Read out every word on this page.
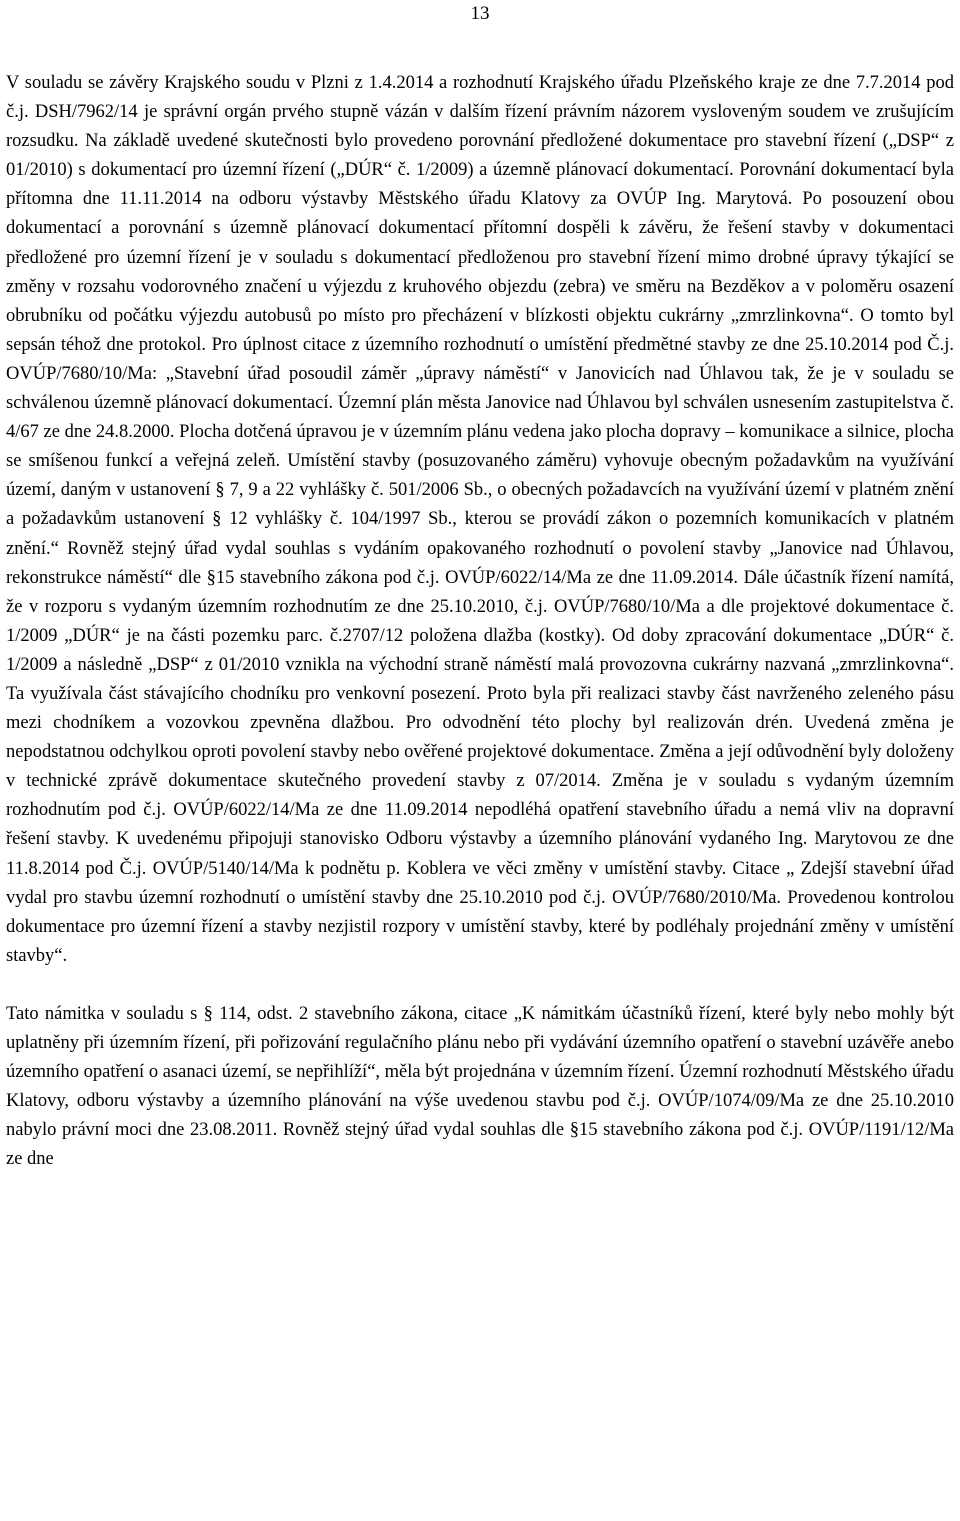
13

V souladu se závěry Krajského soudu v Plzni z 1.4.2014 a rozhodnutí Krajského úřadu Plzeňského kraje ze dne 7.7.2014 pod č.j. DSH/7962/14 je správní orgán prvého stupně vázán v dalším řízení právním názorem vysloveným soudem ve zrušujícím rozsudku. Na základě uvedené skutečnosti bylo provedeno porovnání předložené dokumentace pro stavební řízení („DSP“ z 01/2010) s dokumentací pro územní řízení („DÚR“ č. 1/2009) a územně plánovací dokumentací. Porovnání dokumentací byla přítomna dne 11.11.2014 na odboru výstavby Městského úřadu Klatovy za OVÚP Ing. Marytová. Po posouzení obou dokumentací a porovnání s územně plánovací dokumentací přítomní dospěli k závěru, že řešení stavby v dokumentaci předložené pro územní řízení je v souladu s dokumentací předloženou pro stavební řízení mimo drobné úpravy týkající se změny v rozsahu vodorovného značení u výjezdu z kruhového objezdu (zebra) ve směru na Bezděkov a v poloměru osazení obrubníku od počátku výjezdu autobusů po místo pro přecházení v blízkosti objektu cukrárny „zmrzlinkovna“. O tomto byl sepsán téhož dne protokol. Pro úplnost citace z územního rozhodnutí o umístění předmětné stavby ze dne 25.10.2014 pod Č.j. OVÚP/7680/10/Ma: „Stavební úřad posoudil záměr „úpravy náměstí“ v Janovicích nad Úhlavou tak, že je v souladu se schválenou územně plánovací dokumentací. Územní plán města Janovice nad Úhlavou byl schválen usnesením zastupitelstva č. 4/67 ze dne 24.8.2000. Plocha dotčená úpravou je v územním plánu vedena jako plocha dopravy – komunikace a silnice, plocha se smíšenou funkcí a veřejná zeleň. Umístění stavby (posuzovaného záměru) vyhovuje obecným požadavkům na využívání území, daným v ustanovení § 7, 9 a 22 vyhlášky č. 501/2006 Sb., o obecných požadavcích na využívání území v platném znění a požadavkům ustanovení § 12 vyhlášky č. 104/1997 Sb., kterou se provádí zákon o pozemních komunikacích v platném znění.“ Rovněž stejný úřad vydal souhlas s vydáním opakovaného rozhodnutí o povolení stavby „Janovice nad Úhlavou, rekonstrukce náměstí“ dle §15 stavebního zákona pod č.j. OVÚP/6022/14/Ma ze dne 11.09.2014. Dále účastník řízení namítá, že v rozporu s vydaným územním rozhodnutím ze dne 25.10.2010, č.j. OVÚP/7680/10/Ma a dle projektové dokumentace č. 1/2009 „DÚR“ je na části pozemku parc. č.2707/12 položena dlažba (kostky). Od doby zpracování dokumentace „DÚR“ č. 1/2009 a následně „DSP“ z 01/2010 vznikla na východní straně náměstí malá provozovna cukrárny nazvaná „zmrzlinkovna“. Ta využívala část stávajícího chodníku pro venkovní posezení. Proto byla při realizaci stavby část navrženého zeleného pásu mezi chodníkem a vozovkou zpevněna dlažbou. Pro odvodnění této plochy byl realizován drén. Uvedená změna je nepodstatnou odchylkou oproti povolení stavby nebo ověřené projektové dokumentace. Změna a její odůvodnění byly doloženy v technické zprávě dokumentace skutečného provedení stavby z 07/2014. Změna je v souladu s vydaným územním rozhodnutím pod č.j. OVÚP/6022/14/Ma ze dne 11.09.2014 nepodléhá opatření stavebního úřadu a nemá vliv na dopravní řešení stavby. K uvedenému připojuji stanovisko Odboru výstavby a územního plánování vydaného Ing. Marytovou ze dne 11.8.2014 pod Č.j. OVÚP/5140/14/Ma k podnětu p. Koblera ve věci změny v umístění stavby. Citace „ Zdejší stavební úřad vydal pro stavbu územní rozhodnutí o umístění stavby dne 25.10.2010 pod č.j. OVÚP/7680/2010/Ma. Provedenou kontrolou dokumentace pro územní řízení a stavby nezjistil rozpory v umístění stavby, které by podléhaly projednání změny v umístění stavby“.

Tato námitka v souladu s § 114, odst. 2 stavebního zákona, citace „K námitkám účastníků řízení, které byly nebo mohly být uplatněny při územním řízení, při pořizování regulačního plánu nebo při vydávání územního opatření o stavební uzávěře anebo územního opatření o asanaci území, se nepřihlíží“, měla být projednána v územním řízení. Územní rozhodnutí Městského úřadu Klatovy, odboru výstavby a územního plánování na výše uvedenou stavbu pod č.j. OVÚP/1074/09/Ma ze dne 25.10.2010 nabylo právní moci dne 23.08.2011. Rovněž stejný úřad vydal souhlas dle §15 stavebního zákona pod č.j. OVÚP/1191/12/Ma ze dne
